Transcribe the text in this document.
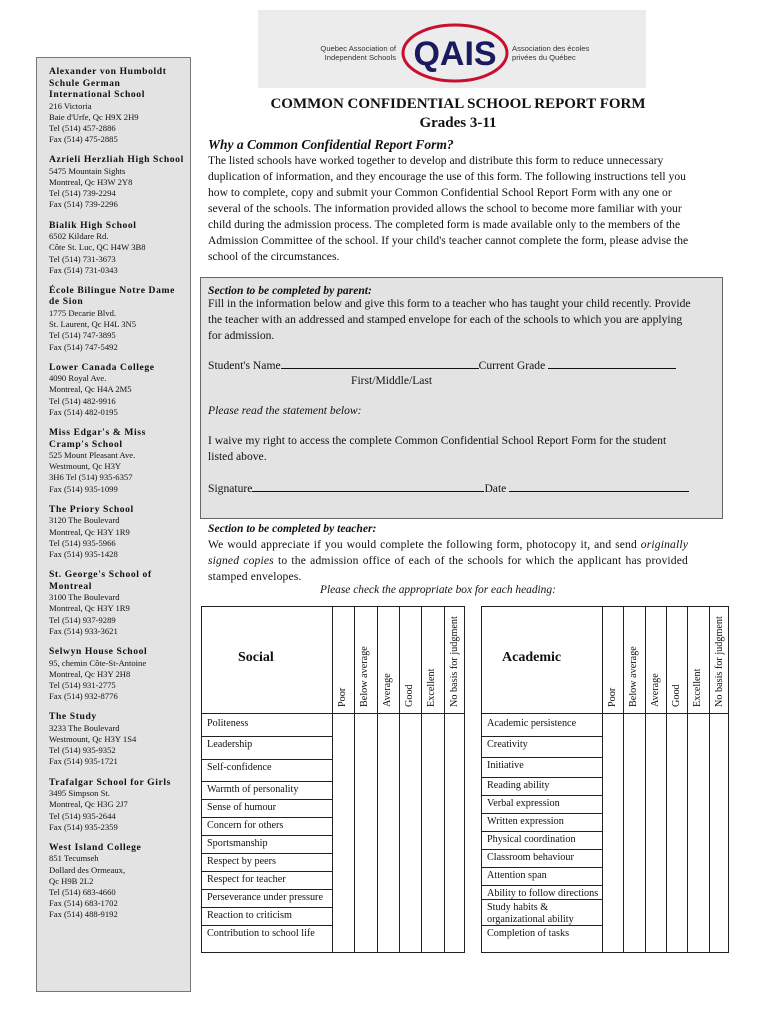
Alexander von Humboldt
Schule German
International School
216 Victoria
Baie d'Urfe, Qc H9X 2H9
Tel (514) 457-2886
Fax (514) 475-2885
Azrieli Herzliah High School
5475 Mountain Sights
Montreal, Qc H3W 2Y8
Tel (514) 739-2294
Fax (514) 739-2296
Bialik High School
6502 Kildare Rd.
Côte St. Luc, QC H4W 3B8
Tel (514) 731-3673
Fax (514) 731-0343
École Bilingue Notre Dame
de Sion
1775 Decarie Blvd.
St. Laurent, Qc H4L 3N5
Tel (514) 747-3895
Fax (514) 747-5492
Lower Canada College
4090 Royal Ave.
Montreal, Qc H4A 2M5
Tel (514) 482-9916
Fax (514) 482-0195
Miss Edgar's & Miss
Cramp's School
525 Mount Pleasant Ave.
Westmount, Qc H3Y
3H6 Tel (514) 935-6357
Fax (514) 935-1099
The Priory School
3120 The Boulevard
Montreal, Qc H3Y 1R9
Tel (514) 935-5966
Fax (514) 935-1428
St. George's School of
Montreal
3100 The Boulevard
Montreal, Qc H3Y 1R9
Tel (514) 937-9289
Fax (514) 933-3621
Selwyn House School
95, chemin Côte-St-Antoine
Montreal, Qc H3Y 2H8
Tel (514) 931-2775
Fax (514) 932-8776
The Study
3233 The Boulevard
Westmount, Qc H3Y 1S4
Tel (514) 935-9352
Fax (514) 935-1721
Trafalgar School for Girls
3495 Simpson St.
Montreal, Qc H3G 2J7
Tel (514) 935-2644
Fax (514) 935-2359
West Island College
851 Tecumseh
Dollard des Ormeaux,
Qc H9B 2L2
Tel (514) 683-4660
Fax (514) 683-1702
Fax (514) 488-9192
Quebec Association of Independent Schools QAIS Association des écoles privées du Québec
COMMON CONFIDENTIAL SCHOOL REPORT FORM
Grades 3-11
Why a Common Confidential Report Form?
The listed schools have worked together to develop and distribute this form to reduce unnecessary duplication of information, and they encourage the use of this form. The following instructions tell you how to complete, copy and submit your Common Confidential School Report Form with any one or several of the schools. The information provided allows the school to become more familiar with your child during the admission process. The completed form is made available only to the members of the Admission Committee of the school. If your child's teacher cannot complete the form, please advise the school of the circumstances.
Section to be completed by parent:
Fill in the information below and give this form to a teacher who has taught your child recently. Provide the teacher with an addressed and stamped envelope for each of the schools to which you are applying for admission.
Student's Name	Current Grade
First/Middle/Last
Please read the statement below:
I waive my right to access the complete Common Confidential School Report Form for the student listed above.
Signature	Date
Section to be completed by teacher:
We would appreciate if you would complete the following form, photocopy it, and send originally signed copies to the admission office of each of the schools for which the applicant has provided stamped envelopes.
Please check the appropriate box for each heading:
Social
Poor Below average Average Good Excellent No basis for judgment
Politeness
Leadership
Self-confidence
Warmth of personality
Sense of humour
Concern for others
Sportsmanship
Respect by peers
Respect for teacher
Perseverance under pressure
Reaction to criticism
Contribution to school life
Academic
Poor Below average Average Good Excellent No basis for judgment
Academic persistence
Creativity
Initiative
Reading ability
Verbal expression
Written expression
Physical coordination
Classroom behaviour
Attention span
Ability to follow directions
Study habits & organizational ability
Completion of tasks
